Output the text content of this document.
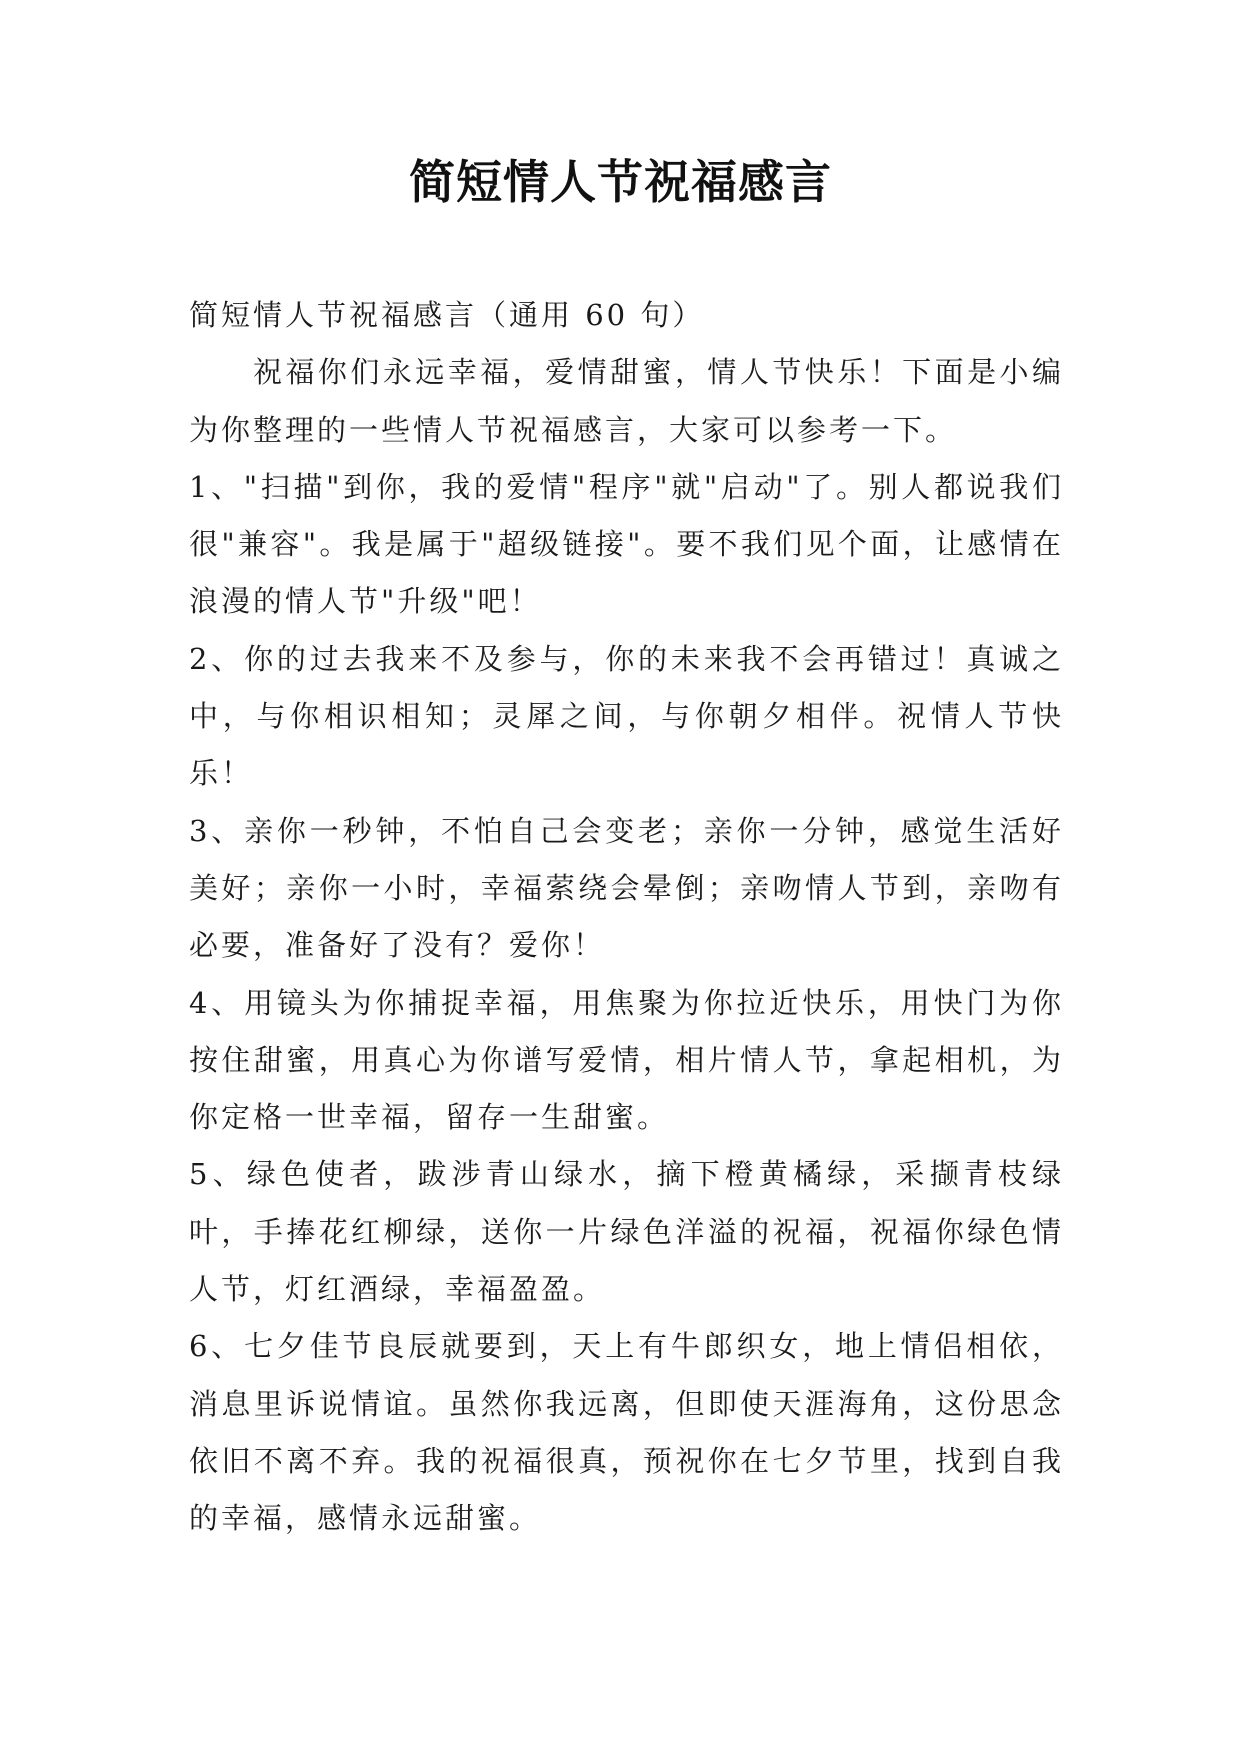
简短情人节祝福感言

简短情人节祝福感言（通用 60 句）

祝福你们永远幸福，爱情甜蜜，情人节快乐！下面是小编为你整理的一些情人节祝福感言，大家可以参考一下。

1、"扫描"到你，我的爱情"程序"就"启动"了。别人都说我们很"兼容"。我是属于"超级链接"。要不我们见个面，让感情在浪漫的情人节"升级"吧！

2、你的过去我来不及参与，你的未来我不会再错过！真诚之中，与你相识相知；灵犀之间，与你朝夕相伴。祝情人节快乐！

3、亲你一秒钟，不怕自己会变老；亲你一分钟，感觉生活好美好；亲你一小时，幸福萦绕会晕倒；亲吻情人节到，亲吻有必要，准备好了没有？爱你！

4、用镜头为你捕捉幸福，用焦聚为你拉近快乐，用快门为你按住甜蜜，用真心为你谱写爱情，相片情人节，拿起相机，为你定格一世幸福，留存一生甜蜜。

5、绿色使者，跋涉青山绿水，摘下橙黄橘绿，采撷青枝绿叶，手捧花红柳绿，送你一片绿色洋溢的祝福，祝福你绿色情人节，灯红酒绿，幸福盈盈。

6、七夕佳节良辰就要到，天上有牛郎织女，地上情侣相依，消息里诉说情谊。虽然你我远离，但即使天涯海角，这份思念依旧不离不弃。我的祝福很真，预祝你在七夕节里，找到自我的幸福，感情永远甜蜜。
